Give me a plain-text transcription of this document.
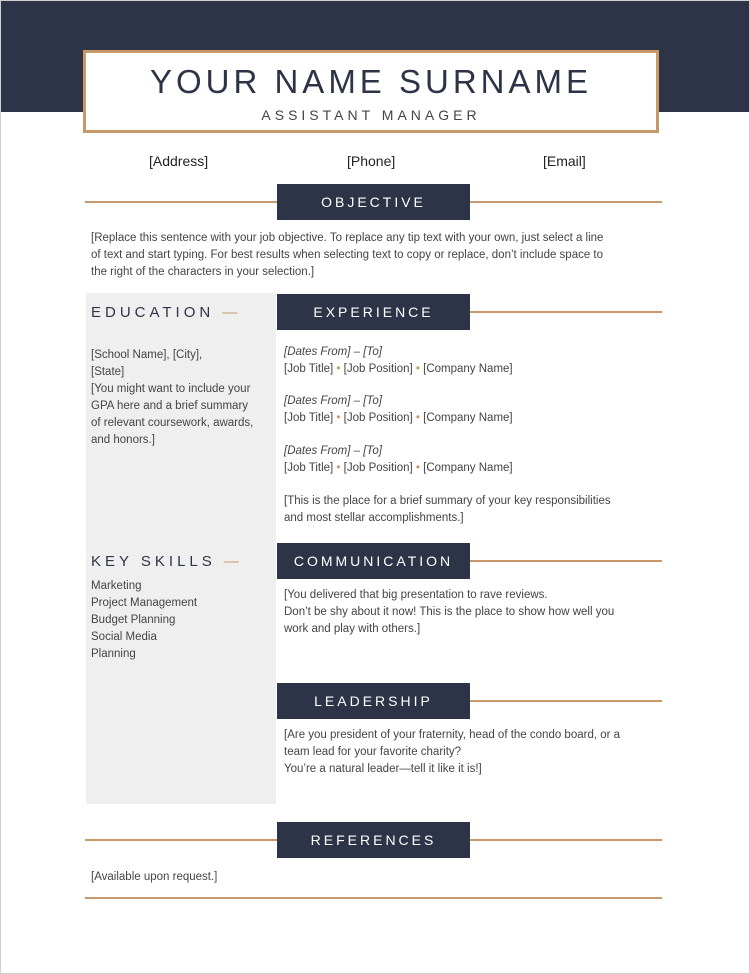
YOUR NAME SURNAME
ASSISTANT MANAGER
[Address]	[Phone]	[Email]
OBJECTIVE

[Replace this sentence with your job objective. To replace any tip text with your own, just select a line
of text and start typing. For best results when selecting text to copy or replace, don’t include space to
the right of the characters in your selection.]

EDUCATION —

[School Name], [City],
[State]
[You might want to include your
GPA here and a brief summary
of relevant coursework, awards,
and honors.]

KEY SKILLS —

Marketing
Project Management
Budget Planning
Social Media
Planning

EXPERIENCE

[Dates From] – [To]
[Job Title] • [Job Position] • [Company Name]

[Dates From] – [To]
[Job Title] • [Job Position] • [Company Name]

[Dates From] – [To]
[Job Title] • [Job Position] • [Company Name]

[This is the place for a brief summary of your key responsibilities
and most stellar accomplishments.]

COMMUNICATION

[You delivered that big presentation to rave reviews.
Don’t be shy about it now! This is the place to show how well you
work and play with others.]

LEADERSHIP

[Are you president of your fraternity, head of the condo board, or a
team lead for your favorite charity?
You’re a natural leader—tell it like it is!]

REFERENCES

[Available upon request.]
